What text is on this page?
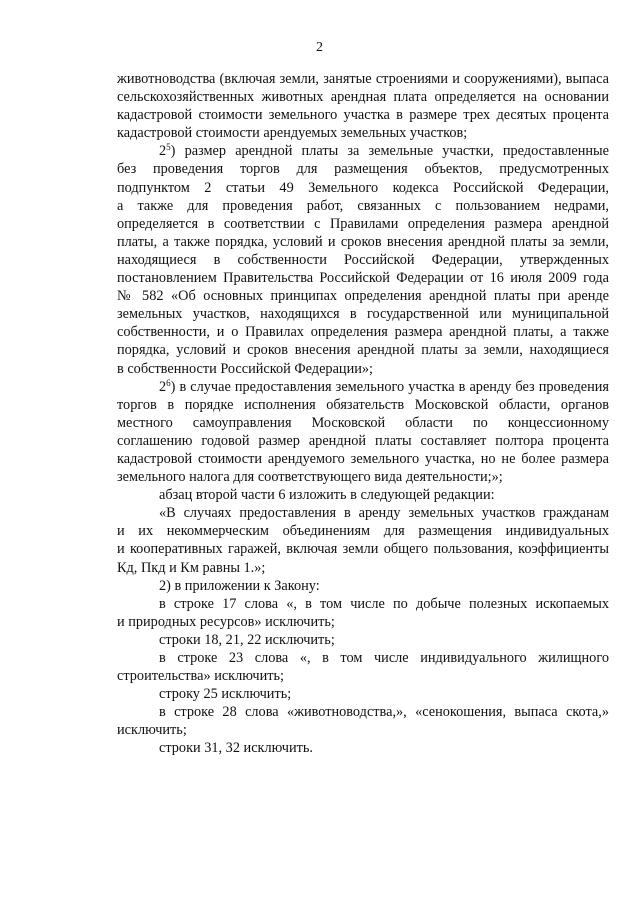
2
животноводства (включая земли, занятые строениями и сооружениями), выпаса
сельскохозяйственных животных арендная плата определяется на основании
кадастровой стоимости земельного участка в размере трех десятых процента
кадастровой стоимости арендуемых земельных участков;
$2^5$) размер арендной платы за земельные участки, предоставленные
без проведения торгов для размещения объектов, предусмотренных
подпунктом 2 статьи 49 Земельного кодекса Российской Федерации,
а также для проведения работ, связанных с пользованием недрами,
определяется в соответствии с Правилами определения размера арендной
платы, а также порядка, условий и сроков внесения арендной платы за земли,
находящиеся в собственности Российской Федерации, утвержденных
постановлением Правительства Российской Федерации от 16 июля 2009 года
№ 582 «Об основных принципах определения арендной платы при аренде
земельных участков, находящихся в государственной или муниципальной
собственности, и о Правилах определения размера арендной платы, а также
порядка, условий и сроков внесения арендной платы за земли, находящиеся
в собственности Российской Федерации»;
$2^6$) в случае предоставления земельного участка в аренду без проведения
торгов в порядке исполнения обязательств Московской области, органов
местного самоуправления Московской области по концессионному
соглашению годовой размер арендной платы составляет полтора процента
кадастровой стоимости арендуемого земельного участка, но не более размера
земельного налога для соответствующего вида деятельности;»;
абзац второй части 6 изложить в следующей редакции:
«В случаях предоставления в аренду земельных участков гражданам
и их некоммерческим объединениям для размещения индивидуальных
и кооперативных гаражей, включая земли общего пользования, коэффициенты
Кд, Пкд и Км равны 1.»;
2) в приложении к Закону:
в строке 17 слова «, в том числе по добыче полезных ископаемых
и природных ресурсов» исключить;
строки 18, 21, 22 исключить;
в строке 23 слова «, в том числе индивидуального жилищного
строительства» исключить;
строку 25 исключить;
в строке 28 слова «животноводства,», «сенокошения, выпаса скота,»
исключить;
строки 31, 32 исключить.
